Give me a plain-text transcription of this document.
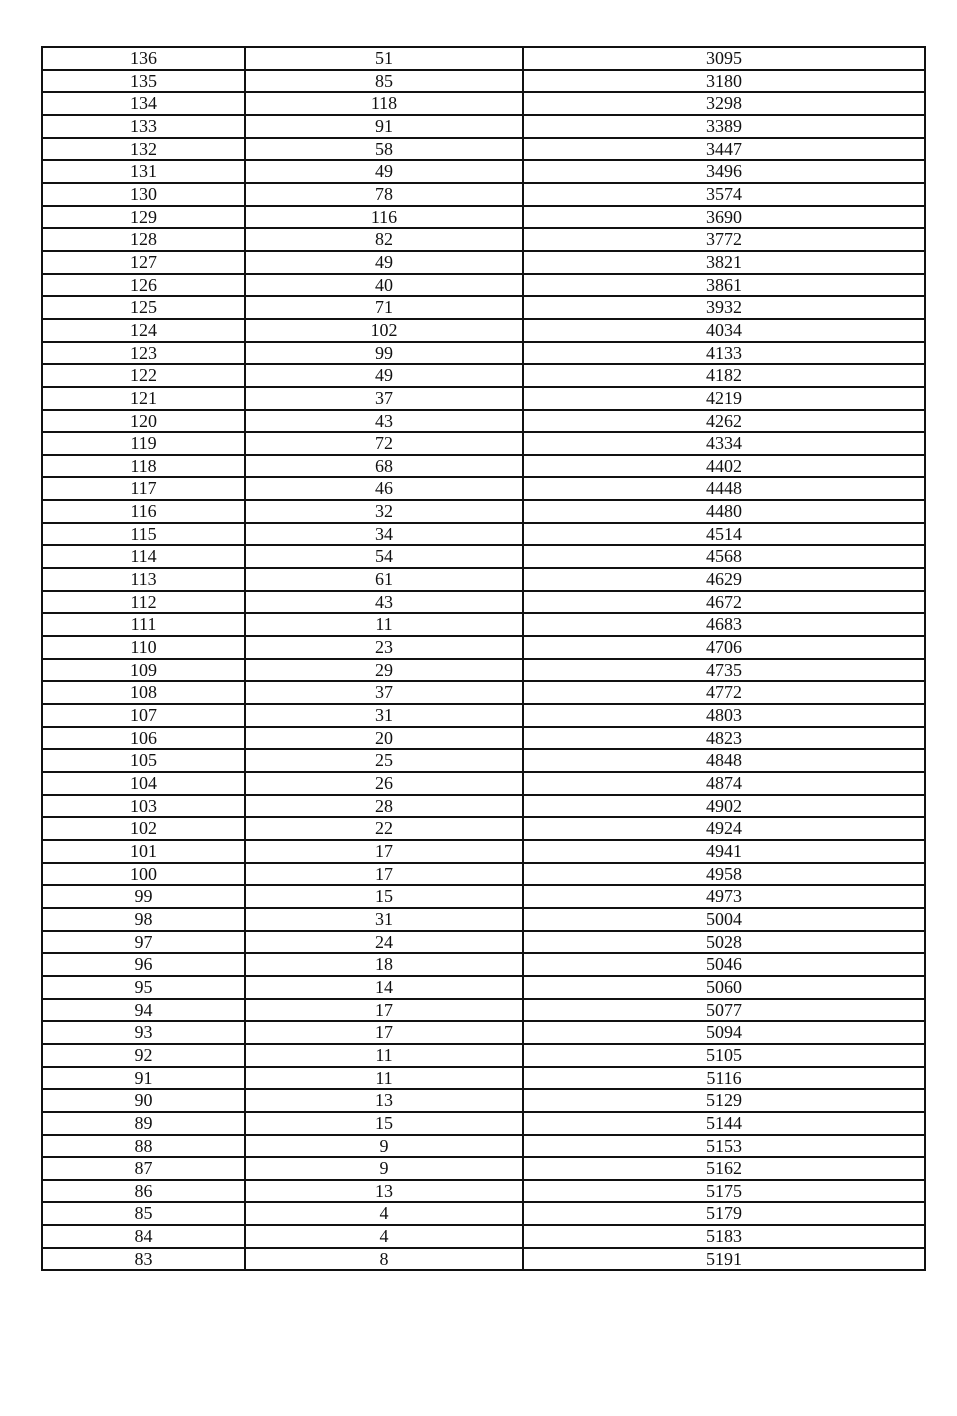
136	51	3095
135	85	3180
134	118	3298
133	91	3389
132	58	3447
131	49	3496
130	78	3574
129	116	3690
128	82	3772
127	49	3821
126	40	3861
125	71	3932
124	102	4034
123	99	4133
122	49	4182
121	37	4219
120	43	4262
119	72	4334
118	68	4402
117	46	4448
116	32	4480
115	34	4514
114	54	4568
113	61	4629
112	43	4672
111	11	4683
110	23	4706
109	29	4735
108	37	4772
107	31	4803
106	20	4823
105	25	4848
104	26	4874
103	28	4902
102	22	4924
101	17	4941
100	17	4958
99	15	4973
98	31	5004
97	24	5028
96	18	5046
95	14	5060
94	17	5077
93	17	5094
92	11	5105
91	11	5116
90	13	5129
89	15	5144
88	9	5153
87	9	5162
86	13	5175
85	4	5179
84	4	5183
83	8	5191
